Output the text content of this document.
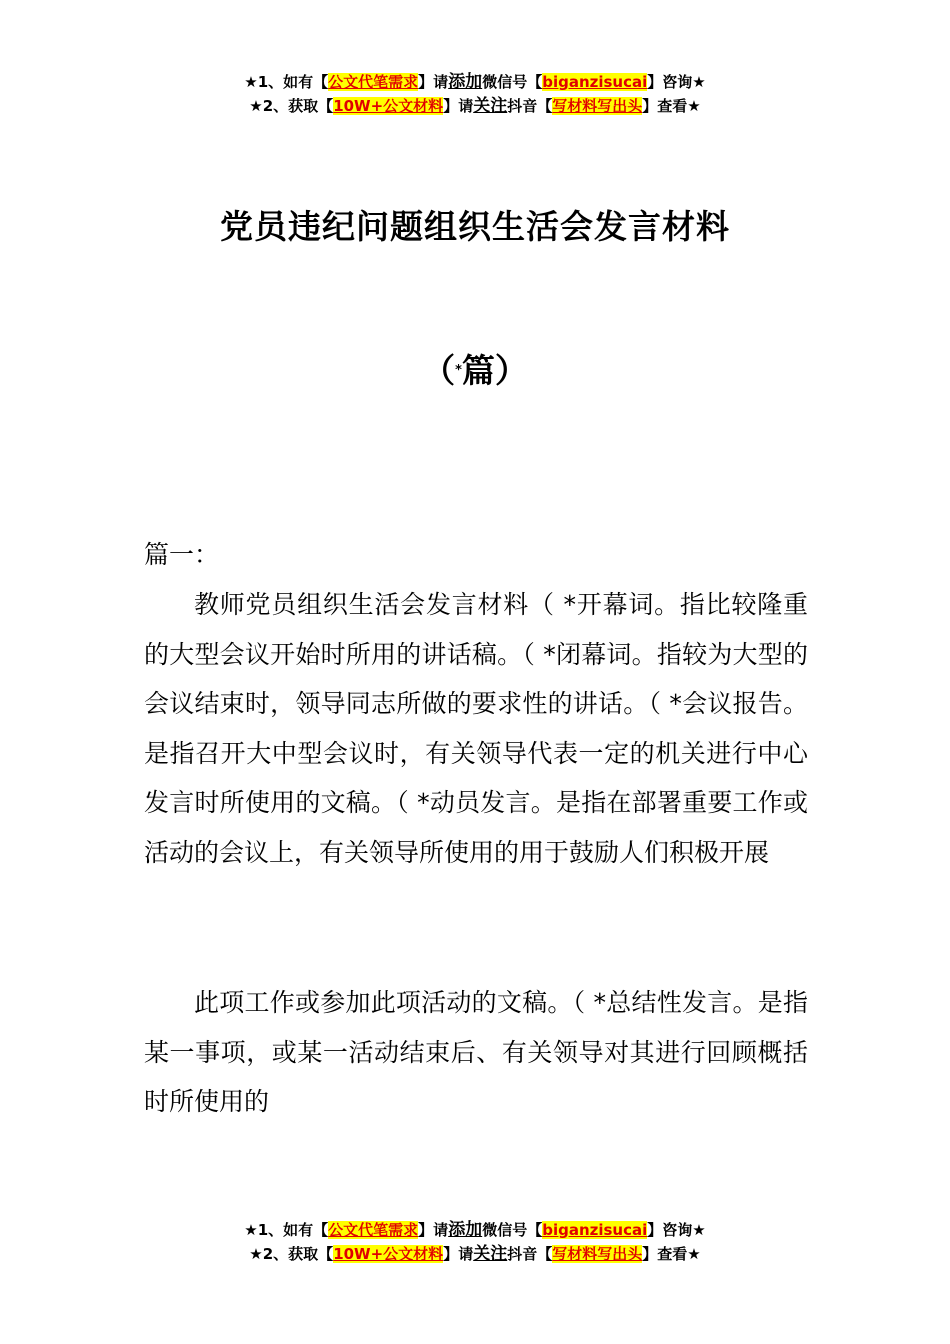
★1、如有【公文代笔需求】请添加微信号【biganzisucai】咨询★
★2、获取【10W+公文材料】请关注抖音【写材料写出头】查看★
党员违纪问题组织生活会发言材料
（*篇）
篇一：
教师党员组织生活会发言材料（ *开幕词。指比较隆重的大型会议开始时所用的讲话稿。（ *闭幕词。指较为大型的会议结束时，领导同志所做的要求性的讲话。（ *会议报告。是指召开大中型会议时，有关领导代表一定的机关进行中心发言时所使用的文稿。（ *动员发言。是指在部署重要工作或活动的会议上，有关领导所使用的用于鼓励人们积极开展
此项工作或参加此项活动的文稿。（ *总结性发言。是指某一事项，或某一活动结束后、有关领导对其进行回顾概括时所使用的
★1、如有【公文代笔需求】请添加微信号【biganzisucai】咨询★
★2、获取【10W+公文材料】请关注抖音【写材料写出头】查看★
